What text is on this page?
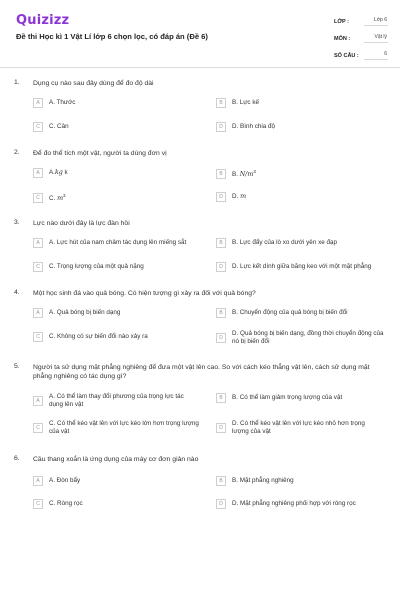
Quizizz
Đề thi Học kì 1 Vật Lí lớp 6 chọn lọc, có đáp án (Đề 6)
LỚP :	Lớp 6
MÔN :	Vật lý
SỐ CÂU :	6
1. Dụng cụ nào sau đây dùng để đo độ dài
A	A. Thước	B	B. Lực kế
C	C. Cân	D	D. Bình chia độ
2. Để đo thể tích một vật, người ta dùng đơn vị
A	A.kg k	B	B. $N/m^3$
C	C. $m^3$	D	D. m
3. Lực nào dưới đây là lực đàn hồi
A	A. Lực hút của nam châm tác dụng lên miếng sắt	B	B. Lực đẩy của lò xo dưới yên xe đạp
C	C. Trọng lượng của một quả nặng	D	D. Lực kết dính giữa băng keo với một mặt phẳng
4. Một học sinh đá vào quả bóng. Có hiện tượng gì xảy ra đối với quả bóng?
A	A. Quả bóng bị biến dạng	B	B. Chuyển động của quả bóng bị biến đổi
C	C. Không có sự biến đổi nào xảy ra	D
D. Quả bóng bị biến dạng, đồng thời chuyển động của nó bị biến đổi
5. Người ta sử dụng mặt phẳng nghiêng để đưa một vật lên cao. So với cách kéo thẳng vật lên, cách sử dụng mặt phẳng nghiêng có tác dụng gì?
A
A. Có thể làm thay đổi phương của trọng lực tác dụng lên vật
B	B. Có thể làm giảm trọng lượng của vật
C
C. Có thể kéo vật lên với lực kéo lớn hơn trọng lượng của vật	D
D. Có thể kéo vật lên với lực kéo nhỏ hơn trọng lượng của vật
6. Cầu thang xoắn là ứng dụng của máy cơ đơn giản nào
A	A. Đòn bẩy	B	B. Mặt phẳng nghiêng
C	C. Ròng rọc	D	D. Mặt phẳng nghiêng phối hợp với ròng rọc
